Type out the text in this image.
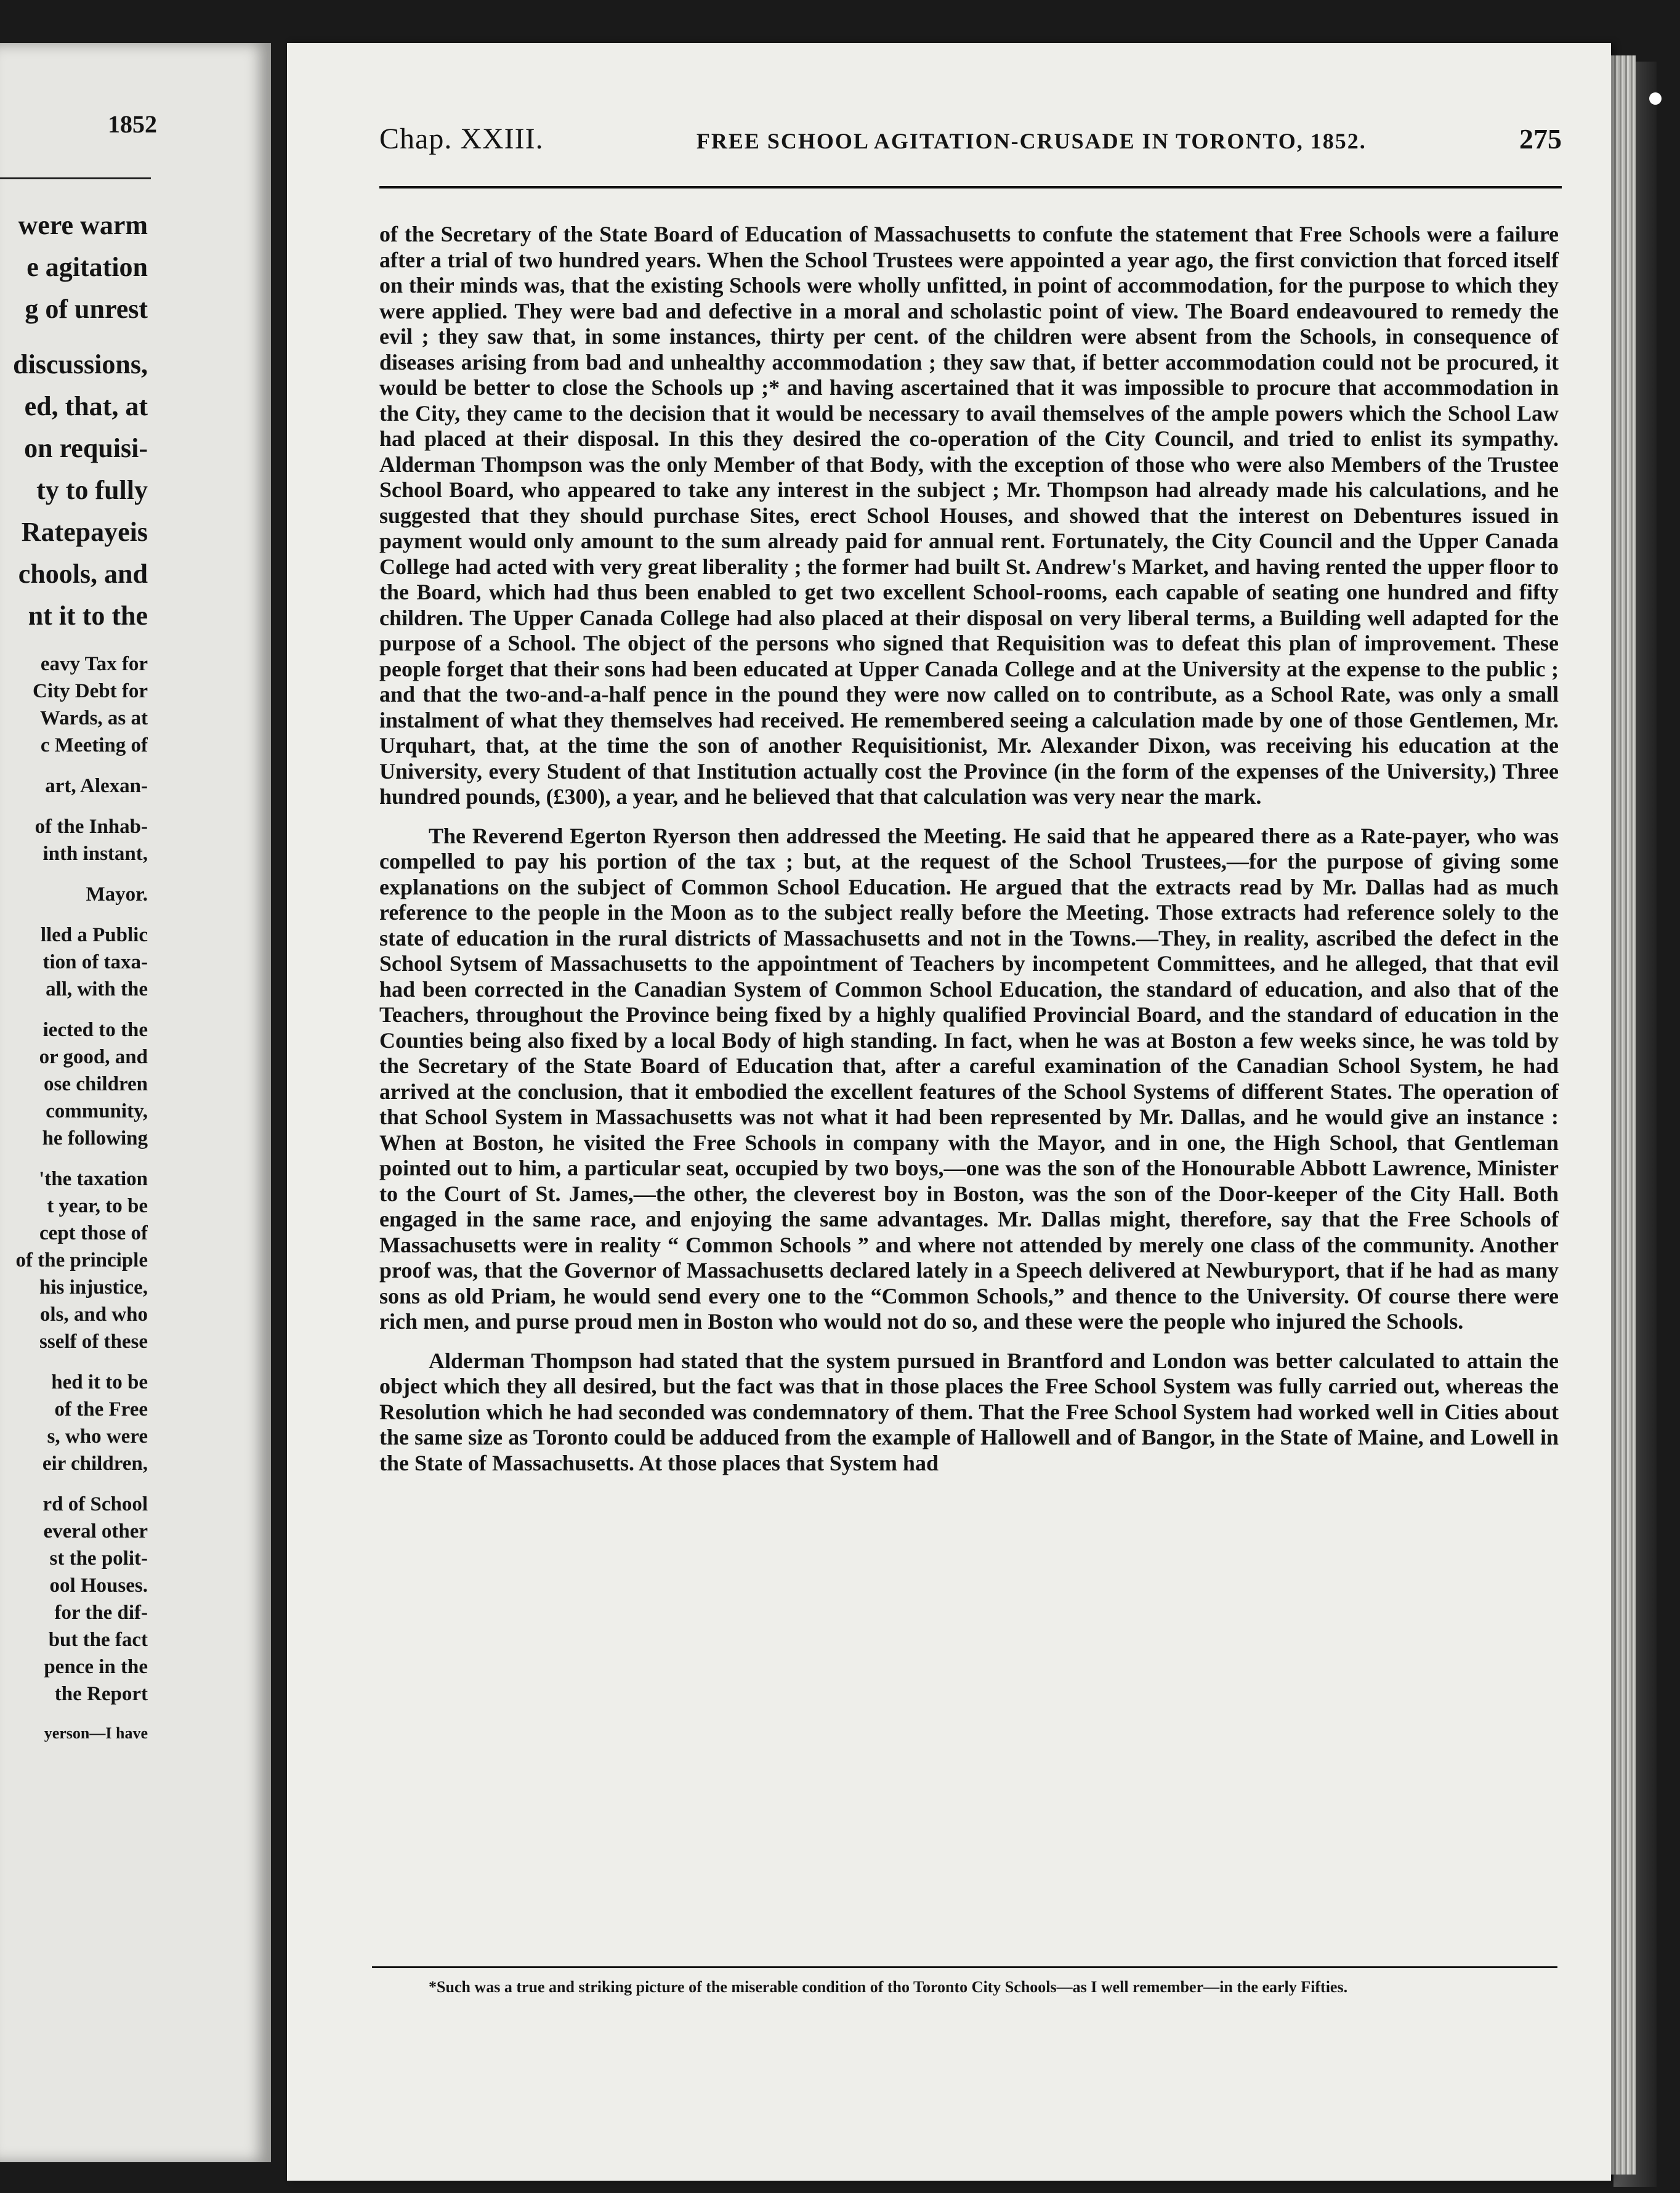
1852
were warm
e agitation
g of unrest
discussions,
ed, that, at
on requisi-
ty to fully
Ratepayeis
chools, and
nt it to the
eavy Tax for
City Debt for
Wards, as at
c Meeting of
art, Alexan-
of the Inhab-
inth instant,
Mayor.
lled a Public
tion of taxa-
all, with the
iected to the
or good, and
ose children
community,
he following
'the taxation
t year, to be
cept those of
of the principle
his injustice,
ols, and who
sself of these
hed it to be
of the Free
s, who were
eir children,
rd of School
everal other
st the polit-
ool Houses.
for the dif-
but the fact
pence in the
the Report
yerson—I have
Chap. XXIII.	FREE SCHOOL AGITATION-CRUSADE IN TORONTO, 1852.	275

of the Secretary of the State Board of Education of Massachusetts to confute the statement that Free Schools were a failure after a trial of two hundred years. When the School Trustees were appointed a year ago, the first conviction that forced itself on their minds was, that the existing Schools were wholly unfitted, in point of accommodation, for the purpose to which they were applied. They were bad and defective in a moral and scholastic point of view. The Board endeavoured to remedy the evil ; they saw that, in some instances, thirty per cent. of the children were absent from the Schools, in consequence of diseases arising from bad and unhealthy accommodation ; they saw that, if better accommodation could not be procured, it would be better to close the Schools up ;* and having ascertained that it was impossible to procure that accommodation in the City, they came to the decision that it would be necessary to avail themselves of the ample powers which the School Law had placed at their disposal. In this they desired the co-operation of the City Council, and tried to enlist its sympathy. Alderman Thompson was the only Member of that Body, with the exception of those who were also Members of the Trustee School Board, who appeared to take any interest in the subject ; Mr. Thompson had already made his calculations, and he suggested that they should purchase Sites, erect School Houses, and showed that the interest on Debentures issued in payment would only amount to the sum already paid for annual rent. Fortunately, the City Council and the Upper Canada College had acted with very great liberality ; the former had built St. Andrew's Market, and having rented the upper floor to the Board, which had thus been enabled to get two excellent School-rooms, each capable of seating one hundred and fifty children. The Upper Canada College had also placed at their disposal on very liberal terms, a Building well adapted for the purpose of a School. The object of the persons who signed that Requisition was to defeat this plan of improvement. These people forget that their sons had been educated at Upper Canada College and at the University at the expense to the public ; and that the two-and-a-half pence in the pound they were now called on to contribute, as a School Rate, was only a small instalment of what they themselves had received. He remembered seeing a calculation made by one of those Gentlemen, Mr. Urquhart, that, at the time the son of another Requisitionist, Mr. Alexander Dixon, was receiving his education at the University, every Student of that Institution actually cost the Province (in the form of the expenses of the University,) Three hundred pounds, (£300), a year, and he believed that that calculation was very near the mark.

The Reverend Egerton Ryerson then addressed the Meeting. He said that he appeared there as a Rate-payer, who was compelled to pay his portion of the tax ; but, at the request of the School Trustees,—for the purpose of giving some explanations on the subject of Common School Education. He argued that the extracts read by Mr. Dallas had as much reference to the people in the Moon as to the subject really before the Meeting. Those extracts had reference solely to the state of education in the rural districts of Massachusetts and not in the Towns.—They, in reality, ascribed the defect in the School Sytsem of Massachusetts to the appointment of Teachers by incompetent Committees, and he alleged, that that evil had been corrected in the Canadian System of Common School Education, the standard of education, and also that of the Teachers, throughout the Province being fixed by a highly qualified Provincial Board, and the standard of education in the Counties being also fixed by a local Body of high standing. In fact, when he was at Boston a few weeks since, he was told by the Secretary of the State Board of Education that, after a careful examination of the Canadian School System, he had arrived at the conclusion, that it embodied the excellent features of the School Systems of different States. The operation of that School System in Massachusetts was not what it had been represented by Mr. Dallas, and he would give an instance : When at Boston, he visited the Free Schools in company with the Mayor, and in one, the High School, that Gentleman pointed out to him, a particular seat, occupied by two boys,—one was the son of the Honourable Abbott Lawrence, Minister to the Court of St. James,—the other, the cleverest boy in Boston, was the son of the Door-keeper of the City Hall. Both engaged in the same race, and enjoying the same advantages. Mr. Dallas might, therefore, say that the Free Schools of Massachusetts were in reality “ Common Schools ” and where not attended by merely one class of the community. Another proof was, that the Governor of Massachusetts declared lately in a Speech delivered at Newburyport, that if he had as many sons as old Priam, he would send every one to the “Common Schools,” and thence to the University. Of course there were rich men, and purse proud men in Boston who would not do so, and these were the people who injured the Schools.

Alderman Thompson had stated that the system pursued in Brantford and London was better calculated to attain the object which they all desired, but the fact was that in those places the Free School System was fully carried out, whereas the Resolution which he had seconded was condemnatory of them. That the Free School System had worked well in Cities about the same size as Toronto could be adduced from the example of Hallowell and of Bangor, in the State of Maine, and Lowell in the State of Massachusetts. At those places that System had

*Such was a true and striking picture of the miserable condition of tho Toronto City Schools—as I well remember—in the early Fifties.
